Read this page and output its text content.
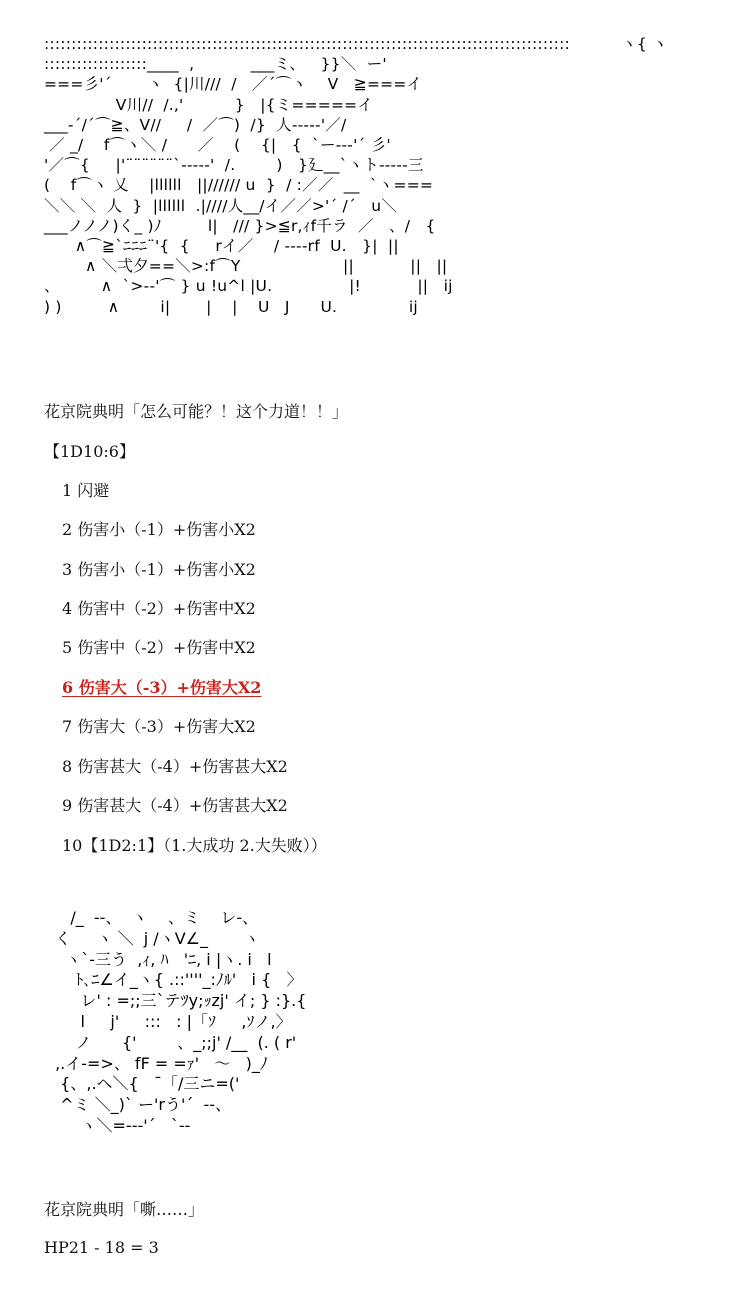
:::::::::::::::::::::::::::::::::::::::::::::::::::::::::::::::::::::::::::::::::::::::::::::::::          ヽ{ ヽ
:::::::::::::::::::____  ,           ___ミ、   }}＼  ー'
===彡'´       ヽ  {|川///  /   ／´⌒ヽ    V   ≧===イ
V川//  /.,'          }   |{ミ=====イ
___-´/´⌒≧、V//     /  ／⌒)  /}  人-----'／/
／ _/    f⌒ヽ＼ /      ／    (    {|   {  `ー‐‐‐'´ 彡'
'／⌒{     |'¨¨¨¨¨¨`‐‐‐‐‐'  /.        )   }廴__`ヽト-----三
(    f⌒ヽ 乂    |llllll   ||////// u  }  / :／／  __  `ヽ===
＼＼ ＼  人  }  |llllll  .|////人__/イ／／>'´ /´   u＼
___ノノノ)く_ )ﾉ         l|   /// }>≦r,ｨf千ラ  ／   、/   {
∧⌒≧`ﾆﾆﾆ¨'{  {     rイ／    / ----rf  U.   }|  ||
∧ ＼弌夕==＼>:f⌒Y                    ||           ||   ||
、        ∧  `>-‐'⌒ } u !u^l |U.               |!           ||   ij
) )         ∧        i|       |    |    U   J      U.              ij
花京院典明「怎么可能？！这个力道！！」
【1D10:6】
1 闪避
2 伤害小（-1）+伤害小X2
3 伤害小（-1）+伤害小X2
4 伤害中（-2）+伤害中X2
5 伤害中（-2）+伤害中X2
6 伤害大（-3）+伤害大X2
7 伤害大（-3）+伤害大X2
8 伤害甚大（-4）+伤害甚大X2
9 伤害甚大（-4）+伤害甚大X2
10【1D2:1】（1.大成功 2.大失败））
/_  --、  ヽ    、ミ    レ-、
く     ヽ ＼  j /ヽV∠_       ヽ
ヽ`-三う  ,ｨ, ﾊ   'ﾆ, i |ヽ. i   l
ﾄ､ﾆ∠イ_ヽ{ .::''''_:ﾉﾙ'   i {   〉
レ' : =;;三`テﾂy;ｯzj' イ; } :}.{
l     j'     :::   : |「ｿ     ,ｿノ,〉
ノ      {'        、_;;j' /__  (. ( r'
,.イ-=>、 fF = =ｧ'   〜   )_ﾉ
{、,.ヘ＼{   ¯「/三ニ=('
^ミ ＼_)` ー'rう'´  --、
ヽ＼=--‐'´   `--
花京院典明「嘶……」
HP21 - 18 = 3
